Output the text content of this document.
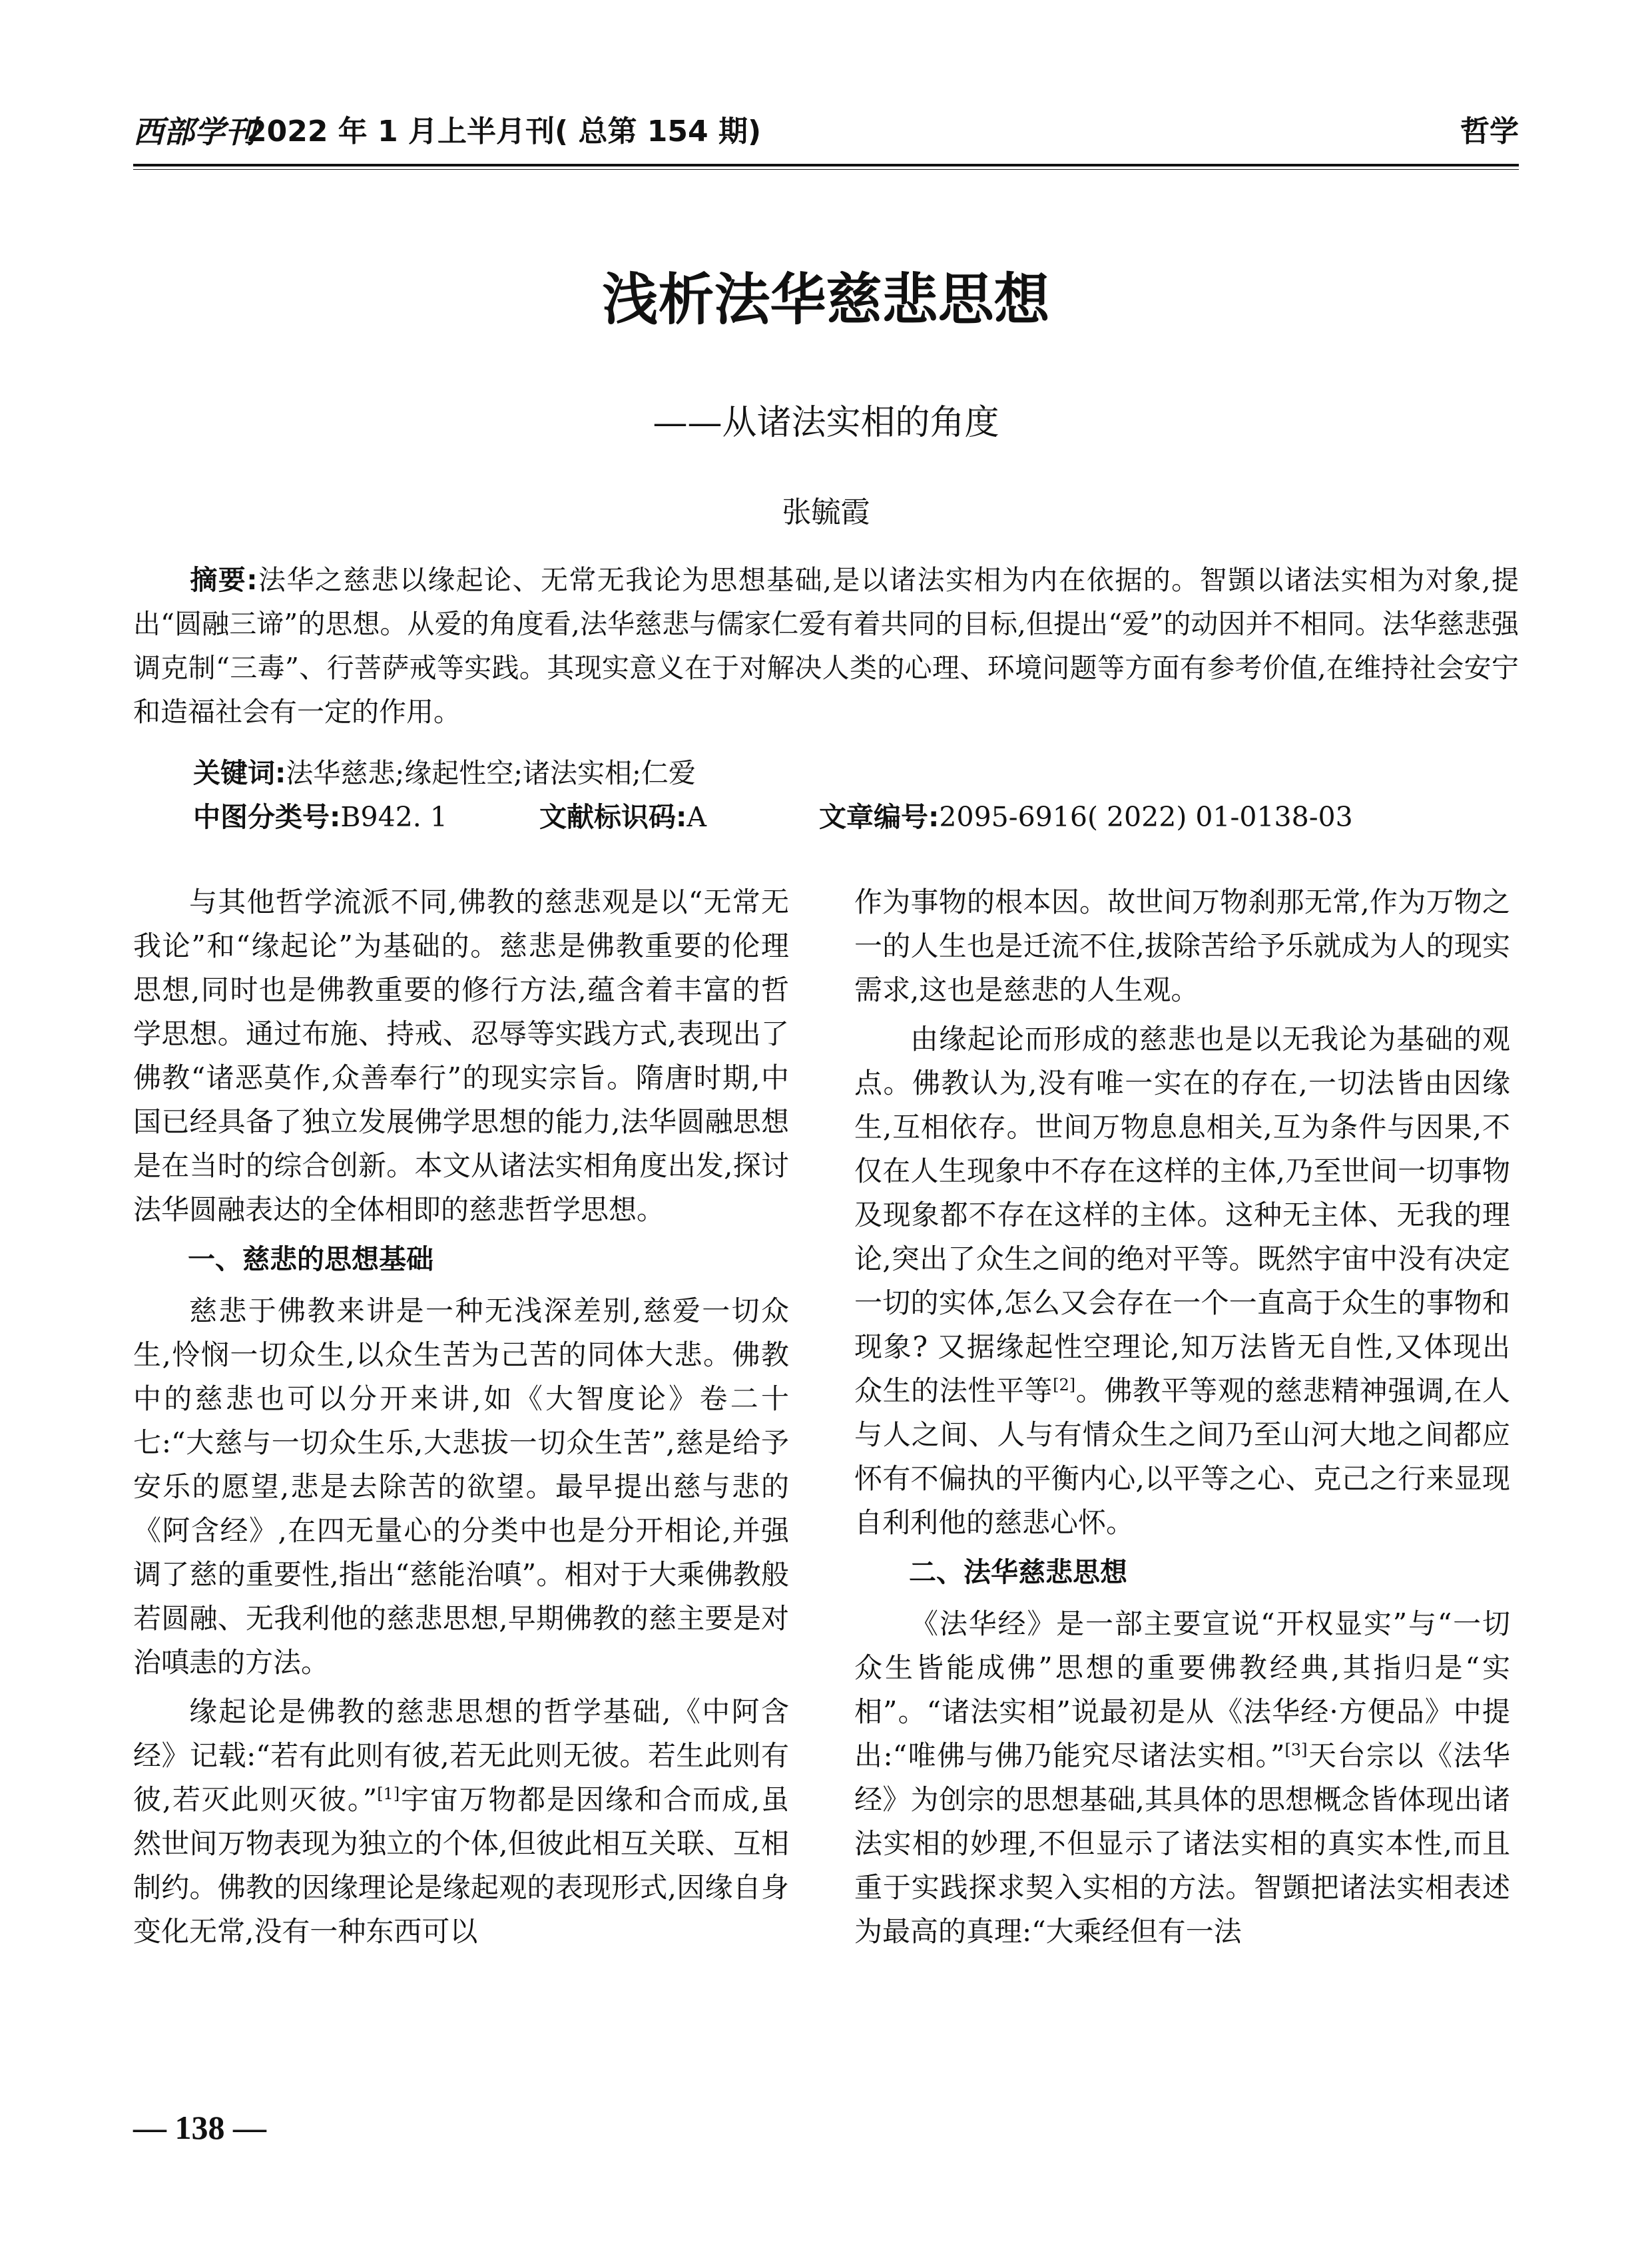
西部学刊
2022 年 1 月上半月刊( 总第 154 期)	哲学
浅析法华慈悲思想
——从诸法实相的角度
张毓霞
摘要:法华之慈悲以缘起论、无常无我论为思想基础,是以诸法实相为内在依据的。智顗以诸法实相为对象,提出“圆融三谛”的思想。从爱的角度看,法华慈悲与儒家仁爱有着共同的目标,但提出“爱”的动因并不相同。法华慈悲强调克制“三毒”、行菩萨戒等实践。其现实意义在于对解决人类的心理、环境问题等方面有参考价值,在维持社会安宁和造福社会有一定的作用。
关键词:法华慈悲;缘起性空;诸法实相;仁爱
中图分类号:B942. 1	文献标识码:A	文章编号:2095-6916( 2022) 01-0138-03

与其他哲学流派不同,佛教的慈悲观是以“无常无我论”和“缘起论”为基础的。慈悲是佛教重要的伦理思想,同时也是佛教重要的修行方法,蕴含着丰富的哲学思想。通过布施、持戒、忍辱等实践方式,表现出了佛教“诸恶莫作,众善奉行”的现实宗旨。隋唐时期,中国已经具备了独立发展佛学思想的能力,法华圆融思想是在当时的综合创新。本文从诸法实相角度出发,探讨法华圆融表达的全体相即的慈悲哲学思想。

一、慈悲的思想基础

慈悲于佛教来讲是一种无浅深差别,慈爱一切众生,怜悯一切众生,以众生苦为己苦的同体大悲。佛教中的慈悲也可以分开来讲,如《大智度论》卷二十七:“大慈与一切众生乐,大悲拔一切众生苦”,慈是给予安乐的愿望,悲是去除苦的欲望。最早提出慈与悲的《阿含经》,在四无量心的分类中也是分开相论,并强调了慈的重要性,指出“慈能治嗔”。相对于大乘佛教般若圆融、无我利他的慈悲思想,早期佛教的慈主要是对治嗔恚的方法。

缘起论是佛教的慈悲思想的哲学基础,《中阿含经》记载:“若有此则有彼,若无此则无彼。若生此则有彼,若灭此则灭彼。”[1]宇宙万物都是因缘和合而成,虽然世间万物表现为独立的个体,但彼此相互关联、互相制约。佛教的因缘理论是缘起观的表现形式,因缘自身变化无常,没有一种东西可以

作为事物的根本因。故世间万物刹那无常,作为万物之一的人生也是迁流不住,拔除苦给予乐就成为人的现实需求,这也是慈悲的人生观。

由缘起论而形成的慈悲也是以无我论为基础的观点。佛教认为,没有唯一实在的存在,一切法皆由因缘生,互相依存。世间万物息息相关,互为条件与因果,不仅在人生现象中不存在这样的主体,乃至世间一切事物及现象都不存在这样的主体。这种无主体、无我的理论,突出了众生之间的绝对平等。既然宇宙中没有决定一切的实体,怎么又会存在一个一直高于众生的事物和现象? 又据缘起性空理论,知万法皆无自性,又体现出众生的法性平等[2]。佛教平等观的慈悲精神强调,在人与人之间、人与有情众生之间乃至山河大地之间都应怀有不偏执的平衡内心,以平等之心、克己之行来显现自利利他的慈悲心怀。

二、法华慈悲思想

《法华经》是一部主要宣说“开权显实”与“一切众生皆能成佛”思想的重要佛教经典,其指归是“实相”。“诸法实相”说最初是从《法华经·方便品》中提出:“唯佛与佛乃能究尽诸法实相。”[3]天台宗以《法华经》为创宗的思想基础,其具体的思想概念皆体现出诸法实相的妙理,不但显示了诸法实相的真实本性,而且重于实践探求契入实相的方法。智顗把诸法实相表述为最高的真理:“大乘经但有一法

— 138 —
